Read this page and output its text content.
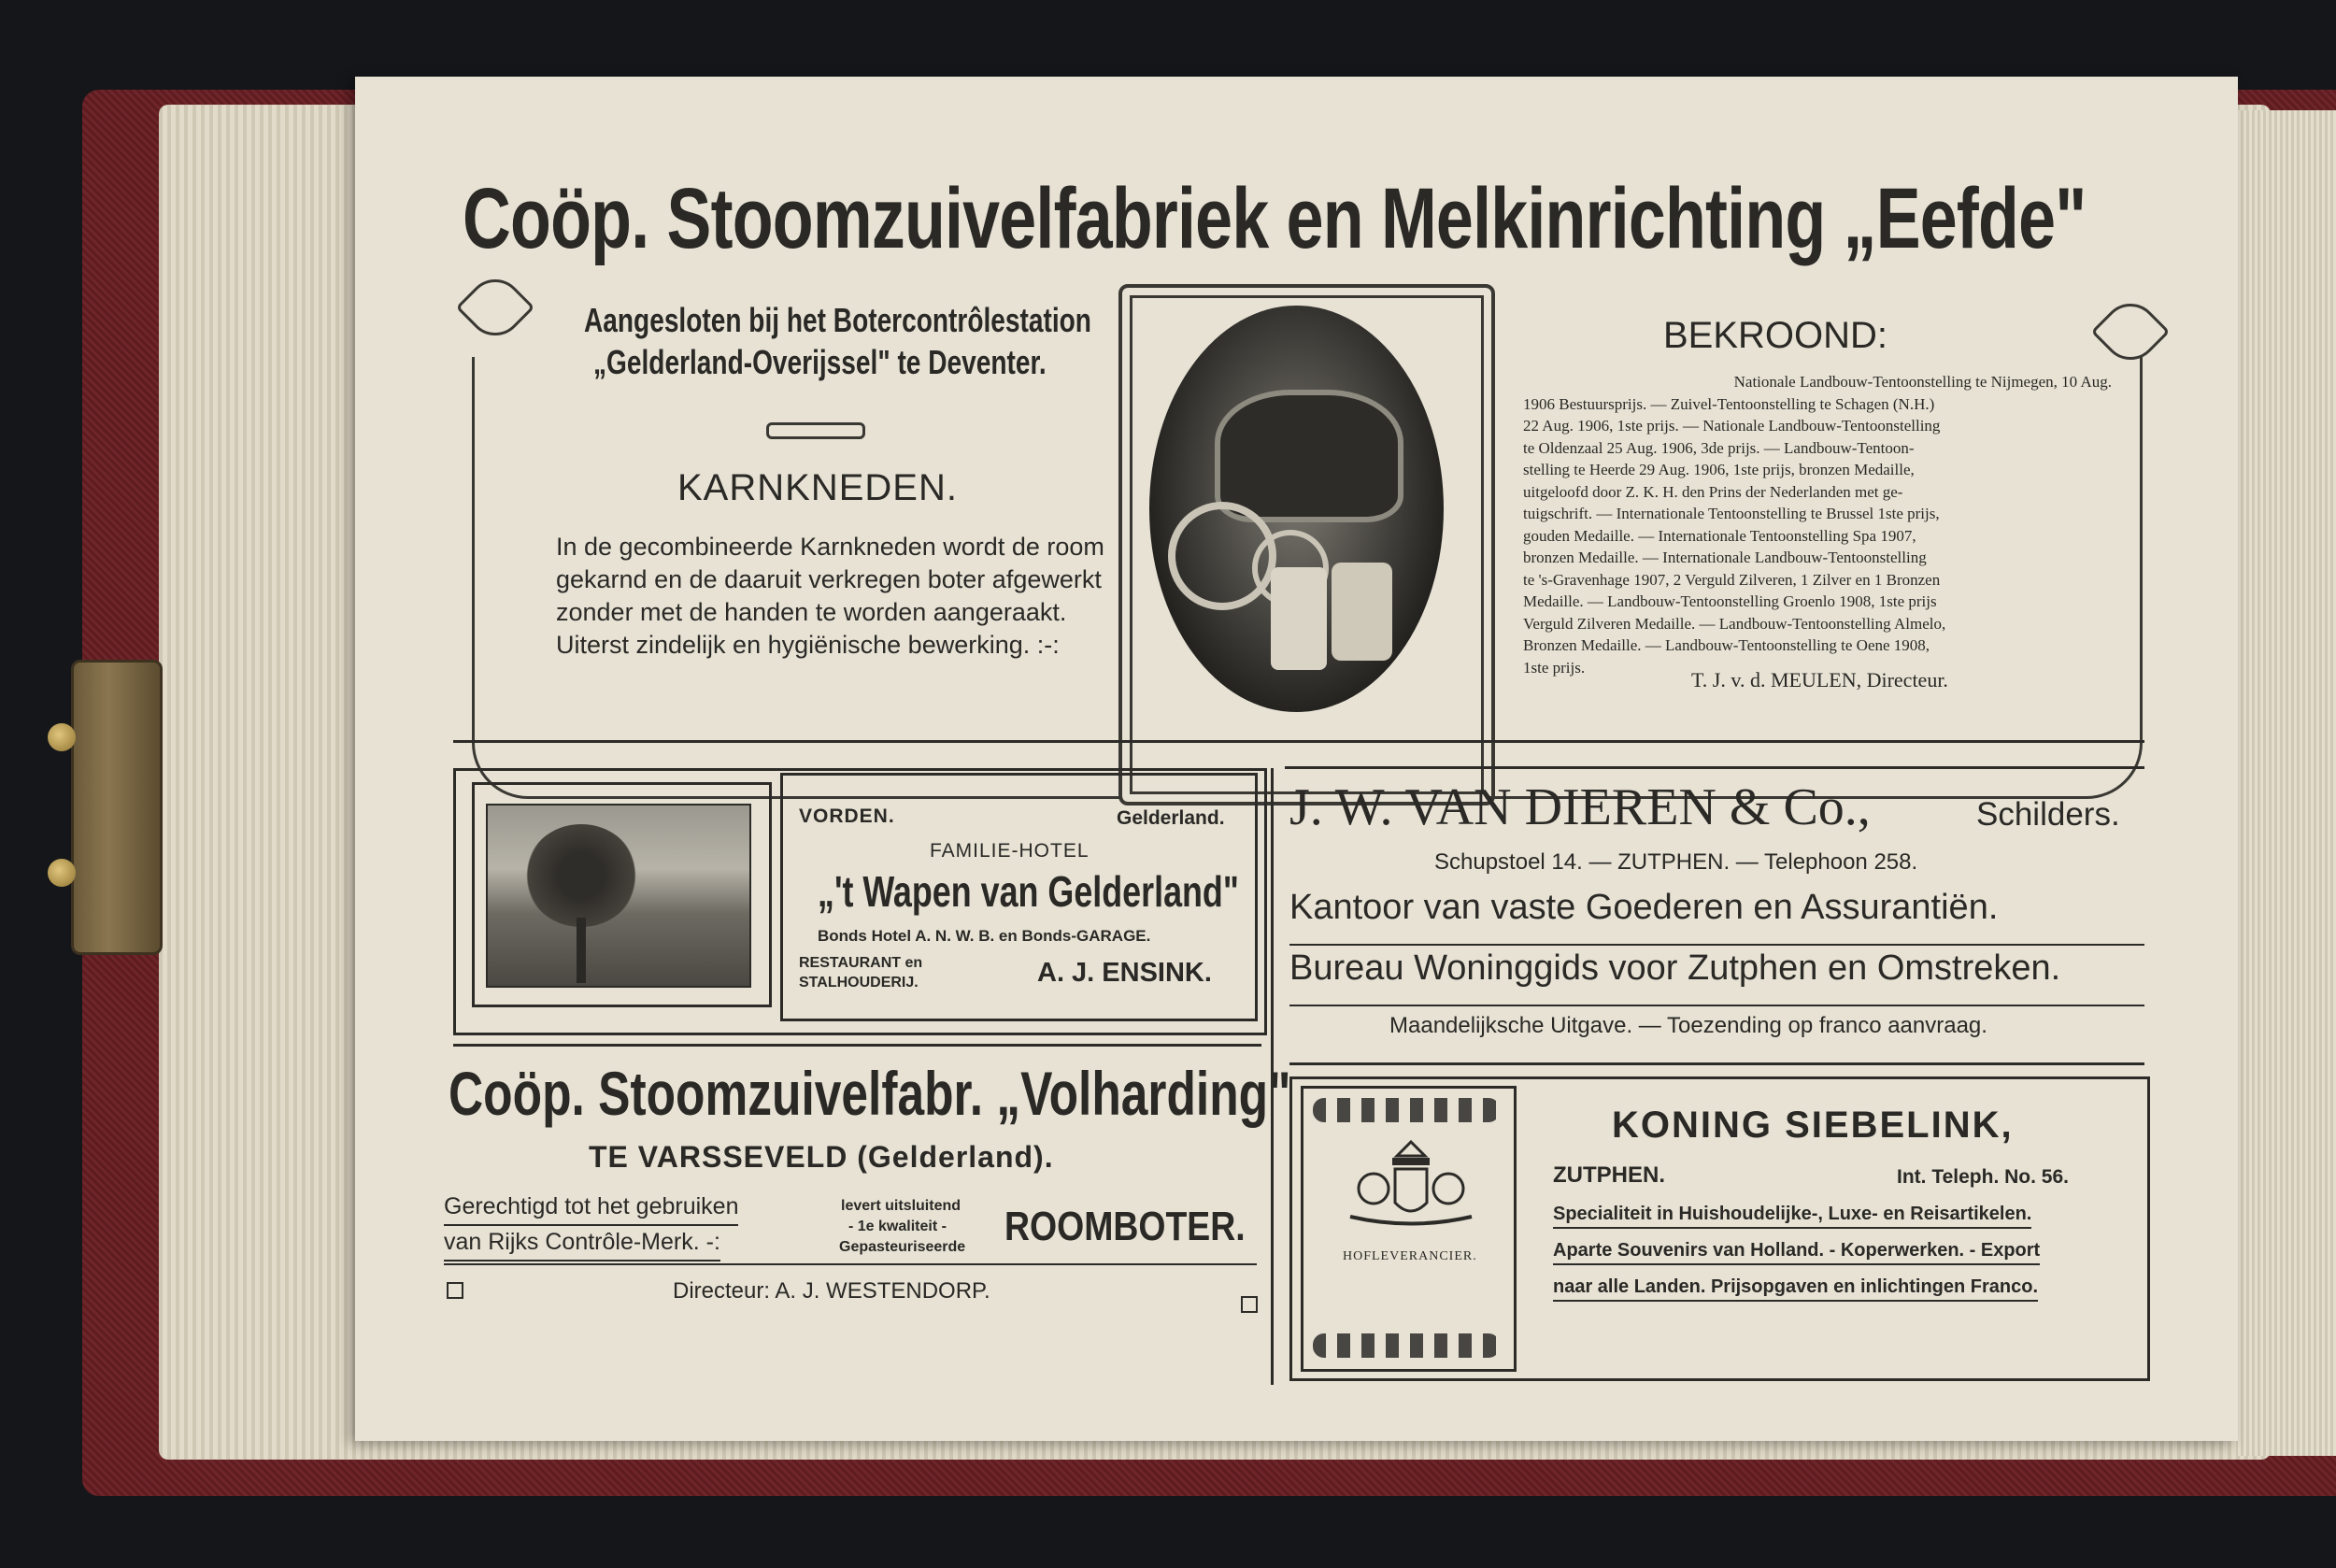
Coöp. Stoomzuivelfabriek en Melkinrichting „Eefde"
Aangesloten bij het Botercontrôlestation
„Gelderland-Overijssel" te Deventer.
KARNKNEDEN.
In de gecombineerde Karnkneden wordt de room
gekarnd en de daaruit verkregen boter afgewerkt
zonder met de handen te worden aangeraakt.
Uiterst zindelijk en hygiënische bewerking. :-:
BEKROOND:
Nationale Landbouw-Tentoonstelling te Nijmegen, 10 Aug.
1906 Bestuursprijs. — Zuivel-Tentoonstelling te Schagen (N.H.)
22 Aug. 1906, 1ste prijs. — Nationale Landbouw-Tentoonstelling
te Oldenzaal 25 Aug. 1906, 3de prijs. — Landbouw-Tentoon-
stelling te Heerde 29 Aug. 1906, 1ste prijs, bronzen Medaille,
uitgeloofd door Z. K. H. den Prins der Nederlanden met ge-
tuigschrift. — Internationale Tentoonstelling te Brussel 1ste prijs,
gouden Medaille. — Internationale Tentoonstelling Spa 1907,
bronzen Medaille. — Internationale Landbouw-Tentoonstelling
te 's-Gravenhage 1907, 2 Verguld Zilveren, 1 Zilver en 1 Bronzen
Medaille. — Landbouw-Tentoonstelling Groenlo 1908, 1ste prijs
Verguld Zilveren Medaille. — Landbouw-Tentoonstelling Almelo,
Bronzen Medaille. — Landbouw-Tentoonstelling te Oene 1908,
1ste prijs.
T. J. v. d. MEULEN, Directeur.
VORDEN.	Gelderland.
FAMILIE-HOTEL
„'t Wapen van Gelderland"
Bonds Hotel A. N. W. B. en Bonds-GARAGE.
RESTAURANT en
STALHOUDERIJ.	A. J. ENSINK.
J. W. VAN DIEREN & Co.,	Schilders.
Schupstoel 14. — ZUTPHEN. — Telephoon 258.
Kantoor van vaste Goederen en Assurantiën.
Bureau Woninggids voor Zutphen en Omstreken.
Maandelijksche Uitgave. — Toezending op franco aanvraag.
Coöp. Stoomzuivelfabr. „Volharding"
TE VARSSEVELD (Gelderland).
Gerechtigd tot het gebruiken
van Rijks Contrôle-Merk. -:
levert uitsluitend
- 1e kwaliteit -
Gepasteuriseerde ROOMBOTER.
Directeur: A. J. WESTENDORP.
HOFLEVERANCIER.
KONING SIEBELINK,
ZUTPHEN.	Int. Teleph. No. 56.
Specialiteit in Huishoudelijke-, Luxe- en Reisartikelen.
Aparte Souvenirs van Holland. - Koperwerken. - Export
naar alle Landen. Prijsopgaven en inlichtingen Franco.
